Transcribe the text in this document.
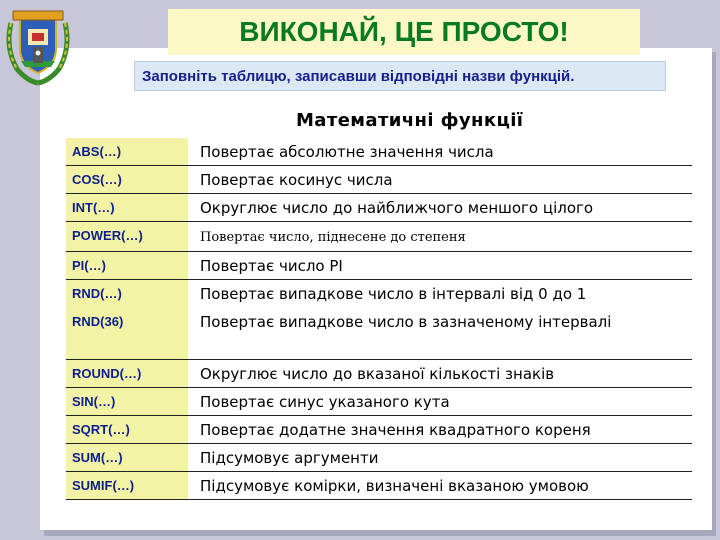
ВИКОНАЙ, ЦЕ ПРОСТО!
Заповніть таблицю, записавши відповідні назви функцій.
Математичні функції
ABS(…)	Повертає абсолютне значення числа
COS(…)	Повертає косинус числа
INT(…)	Округлює число до найближчого меншого цілого
POWER(…)	Повертає число, піднесене до степеня
PI(…)	Повертає число PI
RND(…)	Повертає випадкове число в інтервалі від 0 до 1
RND(36)	Повертає випадкове число в зазначеному інтервалі
ROUND(…)	Округлює число до вказаної кількості знаків
SIN(…)	Повертає синус указаного кута
SQRT(…)	Повертає додатне значення квадратного кореня
SUM(…)	Підсумовує аргументи
SUMIF(…)	Підсумовує комірки, визначені вказаною умовою
